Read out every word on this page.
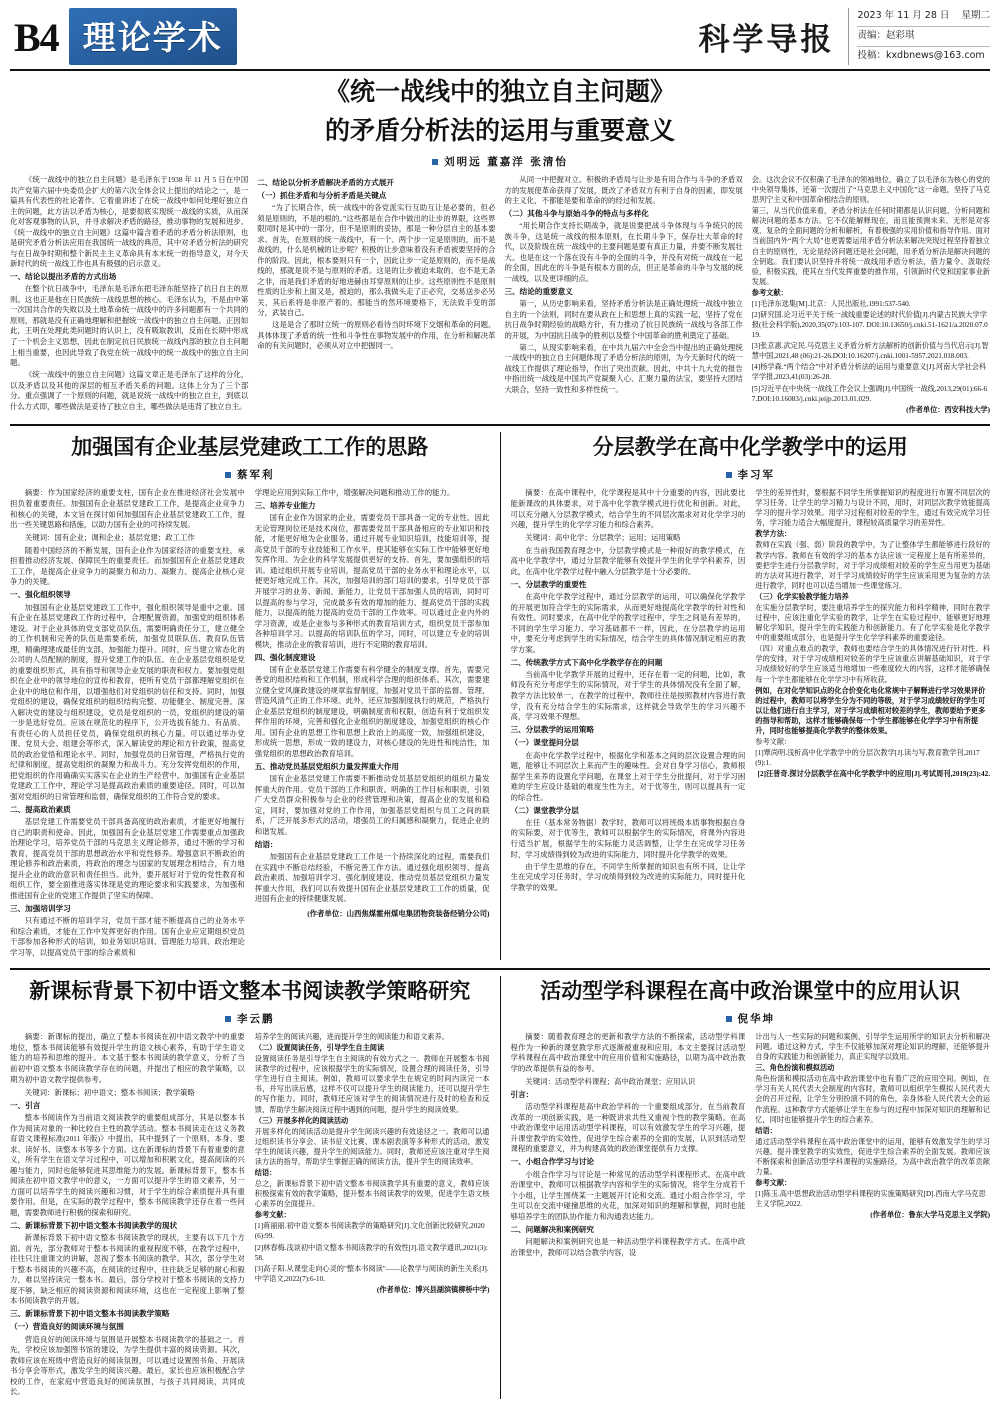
B4 理论学术	科学导报
2023 年 11 月 28 日 星期二
责编：赵彩琪
投稿：kxdbnews@163.com
《统一战线中的独立自主问题》
的矛盾分析法的运用与重要意义
刘明远 董嘉洋 张清怡

《统一战线中的独立自主问题》是毛泽东于1938 年 11 月 5 日在中国共产党第六届中央委员会扩大的第六次全体会议上提出的结论之一，是一篇具有代表性的社论著作。它着重讲述了在统一战线中如何处理好独立自主的问题，此方法以矛盾为核心，是要彻底实现统一战线的实质，从而深化对客观事物的认识，并寻求解决矛盾的路径，推动事物的发展和进步。《统一战线中的独立自主问题》这篇中篇含着矛盾的矛盾分析法原则，也是研究矛盾分析法应用在我国统一战线的典范，其中对矛盾分析法的研究与在日战争时期和整个新民主主义革命具有本末统一的指导意义，对今天新时代的统一战线工作也具有极强的启示意义。

一、结论以提出矛盾的方式出场

在整个抗日战争中，毛泽东是毛泽东把毛泽东能坚持了抗日自主的原则。这也正是他在日民族统一战线思想的核心。毛泽东认为，不是由中第一次国共合作的失败以及土地革命统一战线中的许多问题都有一个共同的原则，那就是没有正确地理解和把握统一战线中的独立自主问题。正因如此，王明在处理此类问题时的认识上，没有吸取教训，反而在长期中形成了一个机会主义思想，因此在制定抗日民族统一战线内部的独立自主问题上相当重要，也因此导致了我党在统一战线中的统一战线中的独立自主问题。

《统一战线中的独立自主问题》这篇文章正是毛泽东了这样的分化，以及矛盾以及其他的深层的相互矛盾关系的问题。这体上分为了三个部分。重点强调了一个原则的问题，就是说统一战线中的独立自主，到底以什么方式即，哪些做法是妥待了独立自主，哪些做法是违背了独立自主。

二、结论以分析矛盾解决矛盾的方式展开

（一）抓住矛盾和与分析矛盾是关键点

“为了长期合作，统一战线中的各党派实行互助互让是必要的，但必须是原则的，不是的根的。”这些都是在合作中做出的让步的界限，这些界限同时是其中的一部分，但不是原则的妥协，那是一种分层自主的基本要求。首先，在原则的统一战线中，有一个、两个步一定是原则的，而不是战线的，什么是机械的让步呢？积极的让步意味着没有矛盾被要坚持的合作的阶段。因此，根本要则只有一个，因此让步一定是原则的，而不是战线的，那就是说不是与原则的矛盾。这是的让步被迫未取的，也不是无条之非，而是我们矛盾的好地进赫由耳穿原则的让步。这些原则性不是原则性质的让步和上面又是，被迫的，那么我做头走了正必究，交易送步必另关，其后系将是非原产着的。那能当的然环境要格下，无法致手变的部分，武装自己。

这是是合了那时立统一的原则必看待当时环境下交烟和革命的问题。具体体现了矛盾的统一性和斗争性在事物发展中的作用，在分析和解决革命的有关问题时，必须从对立中把握同一。

从同一中把握对立。积极的矛盾局与让步是有用合作与斗争的矛盾双方的发展使革命获得了发展，既改了矛盾双方有利于自身的因素，即发展的主义化，不都能是要和革命的的经过和发展。

（二）其他斗争与原始斗争的特点与多样化

“用长期合作支持长期战争，就是说要把战斗争体现与斗争统只的民族斗争，这是统一战线的根本原则，在长期斗争下，保存壮大革命的时代，以及阶级在统一战线中的主要问题是要有真正力量，并要不断发展壮大。也是在这一个落在没有斗争的全面的斗争，并没有对统一战线在一起的全面，因此在的斗争是有根本方面的点，但正是革命的斗争与发展的统一战线，以及更详细的点。

三、结论的重要意义

第一，从历史影响来看，坚持矛盾分析法是正确处理统一战线中独立自主的一个法则，同时在要从政在上和思想上真的实践一起，坚持了党在抗日战争时期经验的战略方针，有力推动了抗日民族统一战线与各部工作的开展，为中国抗日战争的胜利以及整个中国革命的胜利奠定了基础。

第二，从现实影响来看，在中共九届六中全会当中提出的正确处理统一战线中的独立自主问题体现了矛盾分析法的原则，为今天新时代的统一战线工作提供了理论指导，作出了突出贡献。因此，中共十九大党的报告中指出统一战线是中国共产党凝聚人心、汇聚力量的法宝，要坚持大团结大联合，坚持一致性和多样性统一。

会。这次会议不仅积确了毛泽东的领袖地位，确立了以毛泽东为核心的党的中央领导集体，还第一次提出了“马克思主义中国化”这一命题，坚持了马克思列宁主义和中国革命相结合的原则。

第三，从当代价值来看，矛盾分析法在任何时期都是认识问题、分析问题和解决问题的基本方法。它不仅能解释现在，而且能预测未来、无形是对客观、复杂的全面问题的分析和解析，有着极强的实用价值和指导作用。面对当前国内外“两个大局”也更需要运用矛盾分析法来解决突现过程坚持着独立自主的原则性，无论是经济问题还是社会问题，用矛盾分析法是解决问题的全钥匙。我们要认识坚持并将统一战线用矛盾分析法，借力量令、汲取经验，积极实践，使其在当代发挥重要的推作用，引领新时代党和国家事业新发展。

参考文献：

[1]毛泽东选集[M].北京：人民出版社,1991:537-540.

[2]研究国.论习近平关于统一战线重要论述的时代价值[J].内蒙古民族大学学报(社会科学版),2020,35(07):103-107. DOI:10.13650/j.cnki.51-1621/a.2020.07.019.

[3]张京惠.武定民.马克思主义矛盾分析方法解析的创新价值与当代启示[J].智慧中国,2021,48 (06):21-26.DOI:10.16207/j.cnki.1001-5957.2021.018.003.

[4]杨学森.“两个结合”中对矛盾分析法的运用与重要意义[J].河南大学社会科学学报,2023,41(03):26-28.

[5]习近平在中央统一战线工作会议上强调[J].中国统一战线,2013,29(01):66-67.DOI:10.16083/j.cnki.jeijp.2013.01.029.

(作者单位：西安科技大学)

加强国有企业基层党建政工工作的思路
蔡军利

摘要：作为国家经济的重要支柱，国有企业在推进经济社会发展中担负着重要责任。加强国有企业基层党建政工工作，是提高企业竞争力和核心的关键，本文旨在探讨如何加强国有企业基层党建政工工作，提出一些关键思路和措施，以助力国有企业的可持续发展。

关键词：国有企业；调和企业；基层党建；政工工作

随着中国经济的不断发展，国有企业作为国家经济的重要支柱，承担着推动经济发展、保障民生的重要责任。而加强国有企业基层党建政工工作，是提高企业竞争力的凝聚力和动力、凝聚力、提高企业核心竞争力的关键。

一、强化组织领导

加强国有企业基层党建政工工作中，强化组织领导是重中之重。国有企业在基层党建政工作的过程中，合理配置资源，加强党的组织体系建设。对于企业具体的党支部党员队伍，需要明确责任分工，建立健全的工作机制和完善的队伍是需要系统，加强党员联队伍、教育队伍管理，精确理建成最佳的支部，加强能力提升。同时，应当建立常态化的公司的人员配制的制度，提升党建工作的队伍。在企业基层党组织是党的重要组织形式，具有指导和领导企业发展的职责和权力。要加强党组织在企业中的领导地位的宣传和教育，使所有党员干部都理解党组织在企业中的地位和作用，以增强他们对党组织的信任和支持。同时，加强党组织的建设，确保党组织的组织结构完整、功能健全、制度完善。深入解决党的建设与组织建设，党员是党组织的一员，党组织的建设的第一步是选好党员。应该在规范化的程序下，公开选拔有能力、有品质、有责任心的人员担任党员，确保党组织的核心力量。可以通过举办党课、党员大会、组建会等形式，深入解读党的理论和方针政策，提高党员的政治觉悟和理论水平。同时，加强党员的日常管理，严格执行党的纪律和制度，提高党组织的凝聚力和战斗力。充分发挥党组织的作用，把党组织的作用确确实实落实在企业的生产经营中。加强国有企业基层党建政工工作中，理论学习是提高政治素质的重要途径。同时，可以加强对党组织的日常管理和监督，确保党组织的工作符合党的要求。

二、提高政治素质

基层党建工作需要党员干部具备高度的政治素质，才能更好地履行自己的职责和使命。因此，加强国有企业基层党建工作需要重点加强政治理论学习，培养党员干部的马克思主义理论修养，通过不断的学习和教育，提高党员干部的思想政治水平和党性修养。增强意识不断政治的理论修养和政治素质，将政治的理念与国家的发展理念相结合，有力地提升企业的政治意识和责任担当。此外，要开展好对于党的党性教育和组织工作，要全面推进落实体现是党的理论要求和实践要求，为加强和推进国有企业的党建工作提供了坚实的保障。

三、加强培训学习

只有通过不断的培训学习，党员干部才能不断提高自己的业务水平和综合素质，才能在工作中发挥更好的作用。国有企业应定期组织党员干部参加各种形式的培训，如业务知识培训、管理能力培训、政治理论学习等，以提高党员干部的综合素质和

学理论应用到实际工作中，增强解决问题和推动工作的能力。

三、培养专业能力

国有企业作为国家的企业，需要党员干部具备一定的专业性。因此无论管理岗位还是技术岗位，都需要党员干部具备相应的专业知识和技能，才能更好地为企业服务。通过开展专业知识培训，技能培训等，提高党员干部的专业技能和工作水平，使其能够在实际工作中能够更好地发挥作用。为企业的科学发展提供更好的支持。首先，要加强组织的培训。通过组织开展专业培训，提高党员干部的业务水平和理论水平，以便更好地完成工作。其次，加强培训的部门培训的要求，引导党员干部开展学习的业务、新闻、新能力，让党员干部加强人员的培训，同时可以提高的参与学习，完成最多有效的增加的能力、提高党员干部的实践能力，以提高的能力提高的党员干部的工作效率。可以通过企业内外的学习资源，或是企业参与多种形式的教育培训方式，组织党员干部参加各种培训学习。以提高的培训队伍的学习，同时，可以建立专业的培训模块，推动企业的教育培训，进行不定期的教育培训。

四、强化制度建设

国有企业基层党建工作需要有科学健全的制度支撑。首先，需要完善党的组织结构和工作机制，形成科学合理的组织体系。其次，需要建立健全党风廉政建设的规章监督制度，加强对党员干部的监督、管理，营造风清气正的工作环境。此外，还应加强制度执行的规范，严格执行企业基层党组织的制度建设，明确制度责和权限，创造有利于党组织发挥作用的环境，完善和强化企业组织的制度建设，加强党组织的核心作用。国有企业的思想工作和思想上政治上的高度一致，加强组织建设，形成统一思想，形成一致的建设力，对核心建设的先进性和纯洁性，加强党组织的思想政治教育培训。

五、推动党员基层党组织力量发挥重大作用

国有企业基层党建工作需要不断推动党员基层党组织的组织力量发挥重大的作用。党员干部的工作和职责。明确的工作目标和职责，引领广大党员群众积极参与企业的经营管理和决策，提高企业的发展和稳定，同时，要加强对党的工作作用，加强基层党组织与员工之间的联系，广泛开展多形式的活动，增强员工的归属感和凝聚力，促进企业的和谐发展。

结语：

加强国有企业基层党建政工工作是一个持续深化的过程，需要我们在实践中不断总结经验，不断完善工作方法。通过强化组织领导、提高政治素质、加强培训学习、强化制度建设、推动党员基层党组织力量发挥重大作用，我们可以有效提升国有企业基层党建政工工作的质量，促进国有企业的持续健康发展。

(作者单位：山西焦煤霍州煤电集团物资装备经销分公司)

分层教学在高中化学教学中的运用
李习军

摘要：在高中课程中，化学课程是其中十分重要的内容，因此要比能新课改的具体要求，对于高中化学教学模式进行优化和创新。对此，可以充分融入分层教学模式，结合学生的不同层次需求对对化学学习的兴趣，提升学生的化学学习能力和综合素养。

关键词：高中化学；分层教学；运用；运用策略

在当前我国教育理念中，分层教学模式是一种很好的教学模式，在高中化学教学中，通过分层教学能够有效提升学生的化学学科素养，因此，在高中化学教学过程中融入分层教学是十分必要的。

一、分层教学的重要性

在高中化学教学过程中，通过分层教学的运用，可以确保化学教学的开展更加符合学生的实际需求，从而更好地提高化学教学的针对性和有效性。同时要求，在高中化学的教学过程中，学生之间是有差异的，不同的学生学习能力、学习基础都不一样，因此，在分层教学的运用中，要充分考虑到学生的实际情况，结合学生的具体情况制定相应的教学方案。

二、传统教学方式下高中化学教学存在的问题

当前高中化学教学开展的过程中，还存在着一定的问题，比如，教师没有充分考虑学生的实际情况，对于学生的具体情况没有全面了解，教学方法比较单一，在教学的过程中，教师往往是按照教材内容进行教学，没有充分结合学生的实际需求，这样就会导致学生的学习兴趣不高，学习效果不理想。

三、分层教学的运用策略

（一）课堂提问分层

在高中化学教学过程中，根据化学和基本之间的层次设置合理的问题，能够让不同层次上来而产生的趣味性。会对自身学习信心，教师根据学生来养的设置化学问题，在课堂上对于学生分批提问，对于学习困难的学生应设计基础的难度生性为主，对于优等生，则可以提具有一定的综合性。

（二）课堂教学分层

在任（基本常务物据）教学时，教师可以将班级本质事物根据自身的实际要，对于优等生，教师可以根据学生的实际情况，将课外内容进行适当扩展，根据学生的实际能力灵活调整，让学生在完成学习任务时，学习成绩得到较为改进的实际能力，同时提升化学教学的效果。

由于学生思维的存在，不同学生所掌握的知识也有所不同，让让学生在完成学习任务时，学习成绩得到较为改进的实际能力，同时提升化学教学的效果。

学生的差异性时，要根据不同学生所掌握知识的程度进行布置不同层次的学习任务。让学生的学习精力与设计不同，用时，对同层次教学效能提高学习的提升学习效果。用学习过程相对较差的学生，通过有效完成学习任务，学习能力适合大幅度提升，课程较高质量学习的差异性。

教学方法：

教师在实践（强、弱）阶段的教学中，为了让整体学生都能够进行段好的教学内容。教师在有效的学习的基本方法应该一定程度上是有所差异的，要把学生进行分层教学时，对于学习成绩相对较差的学生应当用更为基础的方法对其进行教学，对于学习成绩较好的学生应该采用更为复杂的方法进行教学，同时也可以适当增加一些课堂练习。

（三）化学实验教学能力培养

在实施分层教学时，要注重培养学生的探究能力和科学精神，同时在教学过程中，应该注重化学实验的教学，让学生在实验过程中，能够更好地理解化学知识，提升学生的实践能力和创新能力。有了化学实验是化学教学中的重要组成部分，也是提升学生化学学科素养的重要途径。

（四）对重点难点的教学，教师也要结合学生的具体情况进行针对性、科学的安排，对于学习成绩相对较差的学生应该重点讲解基础知识，对于学习成绩较好的学生应该适当地增加一些难度较大的内容，这样才能够确保每一个学生都能够在化学学习中有所收获。

例如，在对化学知识点的化合价变化电化常规中子解释进行学习效果评价的过程中，教师可以将学生分为不同的等级，对于学习成绩较好的学生可以让他们进行自主学习，对于学习成绩相对较差的学生，教师要给予更多的指导和帮助，这样才能够确保每一个学生都能够在化学学习中有所提升，同时也能够提高化学教学的整体效果。

参考文献：

[1]覃尚明.浅析高中化学教学中的分层次教学[J].读与写,教育教学刊,2017(9):1.

[2]汪普奇.探讨分层教学在高中化学教学中的应用[J].考试周刊,2019(23):42.

新课标背景下初中语文整本书阅读教学策略研究
李云鹏

摘要：新课标的提出，确立了整本书阅读在初中语文教学中的重要地位，整本书阅读能够有效提升学生的语文核心素养，有助于学生语文能力的培养和思维的提升。本文基于整本书阅读的教学意义，分析了当前初中语文整本书阅读教学存在的问题，并提出了相应的教学策略，以期为初中语文教学提供参考。

关键词：新课标；初中语文；整本书阅读；教学策略

一、引言

整本书阅读作为当前语文阅读教学的重要组成部分，其是以整本书作为阅读对象的一种比较自主性的教学活动。整本书阅读走在这义务教育语文课程标准(2011 年版)》中提出，其中提到了一个原则、本身、要求、读好书、读整本书等多个方面。这在新课标的背景下有着重要的意义，所有学生在语文学习过程中，可以增加和积累文化，提高阅读的兴趣与能力，同时也能够促进其思维能力的发展。新课标背景下，整本书阅读在初中语文教学中的意义，一方面可以提升学生的语文素养，另一方面可以培养学生的阅读兴趣和习惯，对于学生的综合素质提升具有重要作用。但是，在实际的教学过程中，整本书阅读教学还存在着一些问题，需要教师进行积极的探索和研究。

二、新课标背景下初中语文整本书阅读教学的现状

新课标背景下初中语文整本书阅读教学的现状，主要有以下几个方面。首先，部分教师对于整本书阅读的重视程度不够，在教学过程中，往往只注重课文的讲解，忽视了整本书阅读的教学。其次，部分学生对于整本书阅读的兴趣不高，在阅读的过程中，往往缺乏足够的耐心和毅力，难以坚持读完一整本书。最后，部分学校对于整本书阅读的支持力度不够，缺乏相应的阅读资源和阅读环境，这也在一定程度上影响了整本书阅读教学的开展。

三、新课标背景下初中语文整本书阅读教学策略

（一）营造良好的阅读环境与氛围

营造良好的阅读环境与氛围是开展整本书阅读教学的基础之一。首先，学校应该加强图书馆的建设，为学生提供丰富的阅读资源。其次，教师应该在班级中营造良好的阅读氛围，可以通过设置图书角、开展读书分享会等形式，激发学生的阅读兴趣。最后，家长也应该积极配合学校的工作，在家庭中营造良好的阅读氛围，与孩子共同阅读，共同成长。

培养学生的阅读兴趣，进而提升学生的阅读能力和语文素养。

（二）设置阅读任务，引导学生自主阅读

设置阅读任务是引导学生自主阅读的有效方式之一。教师在开展整本书阅读教学的过程中，应该根据学生的实际情况，设置合理的阅读任务，引导学生进行自主阅读。例如，教师可以要求学生在规定的时间内读完一本书，并写出读后感，这样不仅可以提升学生的阅读能力，还可以提升学生的写作能力。同时，教师还应该对学生的阅读情况进行及时的检查和反馈，帮助学生解决阅读过程中遇到的问题，提升学生的阅读效果。

（三）开展多样化的阅读活动

开展多样化的阅读活动是提升学生阅读兴趣的有效途径之一。教师可以通过组织读书分享会、读书征文比赛、课本剧表演等多种形式的活动，激发学生的阅读兴趣，提升学生的阅读能力。同时，教师还应该注重对学生阅读方法的指导，帮助学生掌握正确的阅读方法，提升学生的阅读效率。

结语：

总之，新课标背景下初中语文整本书阅读教学具有重要的意义，教师应该积极探索有效的教学策略，提升整本书阅读教学的效果，促进学生语文核心素养的全面提升。

参考文献：

[1]蒋丽丽.初中语文整本书阅读教学的策略研究[J].文化创新比较研究,2020(6):99.

[2]林春梅.浅谈初中语文整本书阅读教学的有效性[J].语文教学通讯,2021(3):58.

[3]高子阳.从课堂走向心灵的"整本书阅读"——论教学与阅读的新生关系[J].中学语文,2022(7):6-10.

(作者单位：博兴县湖滨镇柳桥中学)

活动型学科课程在高中政治课堂中的应用认识
倪华坤

摘要：随着教育理念的更新和教学方法的不断探索，活动型学科课程作为一种新的课堂教学形式逐渐被重视和应用。本文主要探讨活动型学科课程在高中政治课堂中的应用价值和实施路径，以期为高中政治教学的改革提供有益的参考。

关键词：活动型学科课程；高中政治课堂；应用认识

引言：

活动型学科课程是高中政治学科的一个重要组成部分，在当前教育改革的一项创新实践，是一种既讲求共性又重视个性的教学策略。在高中政治课堂中运用活动型学科课程，可以有效激发学生的学习兴趣，提升课堂教学的实效性，促进学生综合素养的全面的发展，认识到活动型课程的重要意义，并为构建高效的政治课堂提供有力支撑。

一、小组合作学习与讨论

小组合作学习与讨论是一种常见的活动型学科课程形式。在高中政治课堂中，教师可以根据教学内容和学生的实际情况，将学生分成若干个小组，让学生围绕某一主题展开讨论和交流。通过小组合作学习，学生可以在交流中碰撞思维的火花，加深对知识的理解和掌握，同时也能够培养学生的团队协作能力和沟通表达能力。

二、问题解决和案例研究

问题解决和案例研究也是一种活动型学科课程教学方式。在高中政治课堂中，教师可以结合教学内容，设

计出与人一些实际的问题和案例，引导学生运用所学的知识去分析和解决问题。通过这种方式，学生不仅能够加深对理论知识的理解，还能够提升自身的实践能力和创新能力，真正实现学以致用。

三、角色扮演和模拟活动

角色扮演和模拟活动在高中政治课堂中也有着广泛的应用空间。例如，在学习有关人民代表大会制度的内容时，教师可以组织学生模拟人民代表大会的召开过程，让学生分别扮演不同的角色，亲身体验人民代表大会的运作流程。这种教学方式能够让学生在参与的过程中加深对知识的理解和记忆，同时也能够提升学生的综合素养。

结语：

通过活动型学科课程在高中政治课堂中的运用，能够有效激发学生的学习兴趣，提升课堂教学的实效性，促进学生综合素养的全面发展。教师应该不断探索和创新活动型学科课程的实施路径，为高中政治教学的改革贡献力量。

参考文献：

[1]陈玉.高中思想政治活动型学科课程的实施策略研究[D].西南大学马克思主义学院,2022.

(作者单位：鲁东大学马克思主义学院)
